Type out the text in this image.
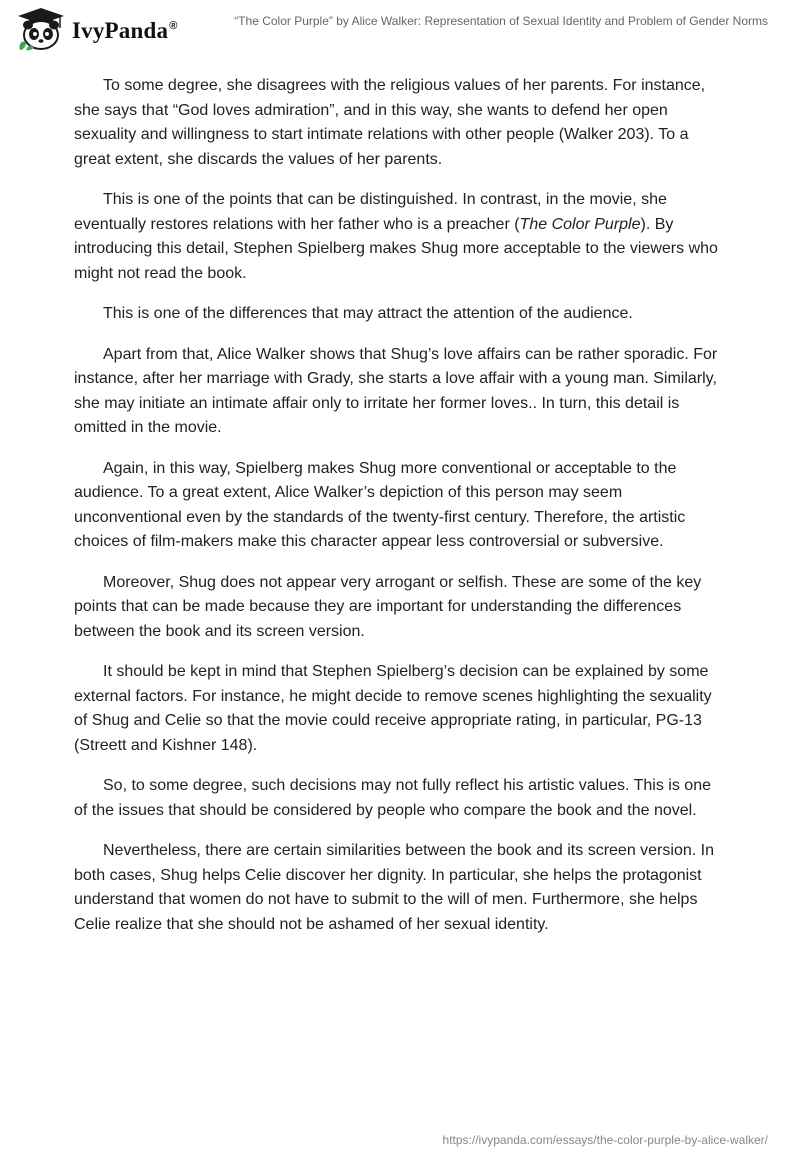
IvyPanda®	“The Color Purple” by Alice Walker: Representation of Sexual Identity and Problem of Gender Norms

To some degree, she disagrees with the religious values of her parents. For instance, she says that “God loves admiration”, and in this way, she wants to defend her open sexuality and willingness to start intimate relations with other people (Walker 203). To a great extent, she discards the values of her parents.

This is one of the points that can be distinguished. In contrast, in the movie, she eventually restores relations with her father who is a preacher (The Color Purple). By introducing this detail, Stephen Spielberg makes Shug more acceptable to the viewers who might not read the book.

This is one of the differences that may attract the attention of the audience.

Apart from that, Alice Walker shows that Shug’s love affairs can be rather sporadic. For instance, after her marriage with Grady, she starts a love affair with a young man. Similarly, she may initiate an intimate affair only to irritate her former loves.. In turn, this detail is omitted in the movie.

Again, in this way, Spielberg makes Shug more conventional or acceptable to the audience. To a great extent, Alice Walker’s depiction of this person may seem unconventional even by the standards of the twenty-first century. Therefore, the artistic choices of film-makers make this character appear less controversial or subversive.

Moreover, Shug does not appear very arrogant or selfish. These are some of the key points that can be made because they are important for understanding the differences between the book and its screen version.

It should be kept in mind that Stephen Spielberg’s decision can be explained by some external factors. For instance, he might decide to remove scenes highlighting the sexuality of Shug and Celie so that the movie could receive appropriate rating, in particular, PG-13 (Streett and Kishner 148).

So, to some degree, such decisions may not fully reflect his artistic values. This is one of the issues that should be considered by people who compare the book and the novel.

Nevertheless, there are certain similarities between the book and its screen version. In both cases, Shug helps Celie discover her dignity. In particular, she helps the protagonist understand that women do not have to submit to the will of men. Furthermore, she helps Celie realize that she should not be ashamed of her sexual identity.

https://ivypanda.com/essays/the-color-purple-by-alice-walker/
